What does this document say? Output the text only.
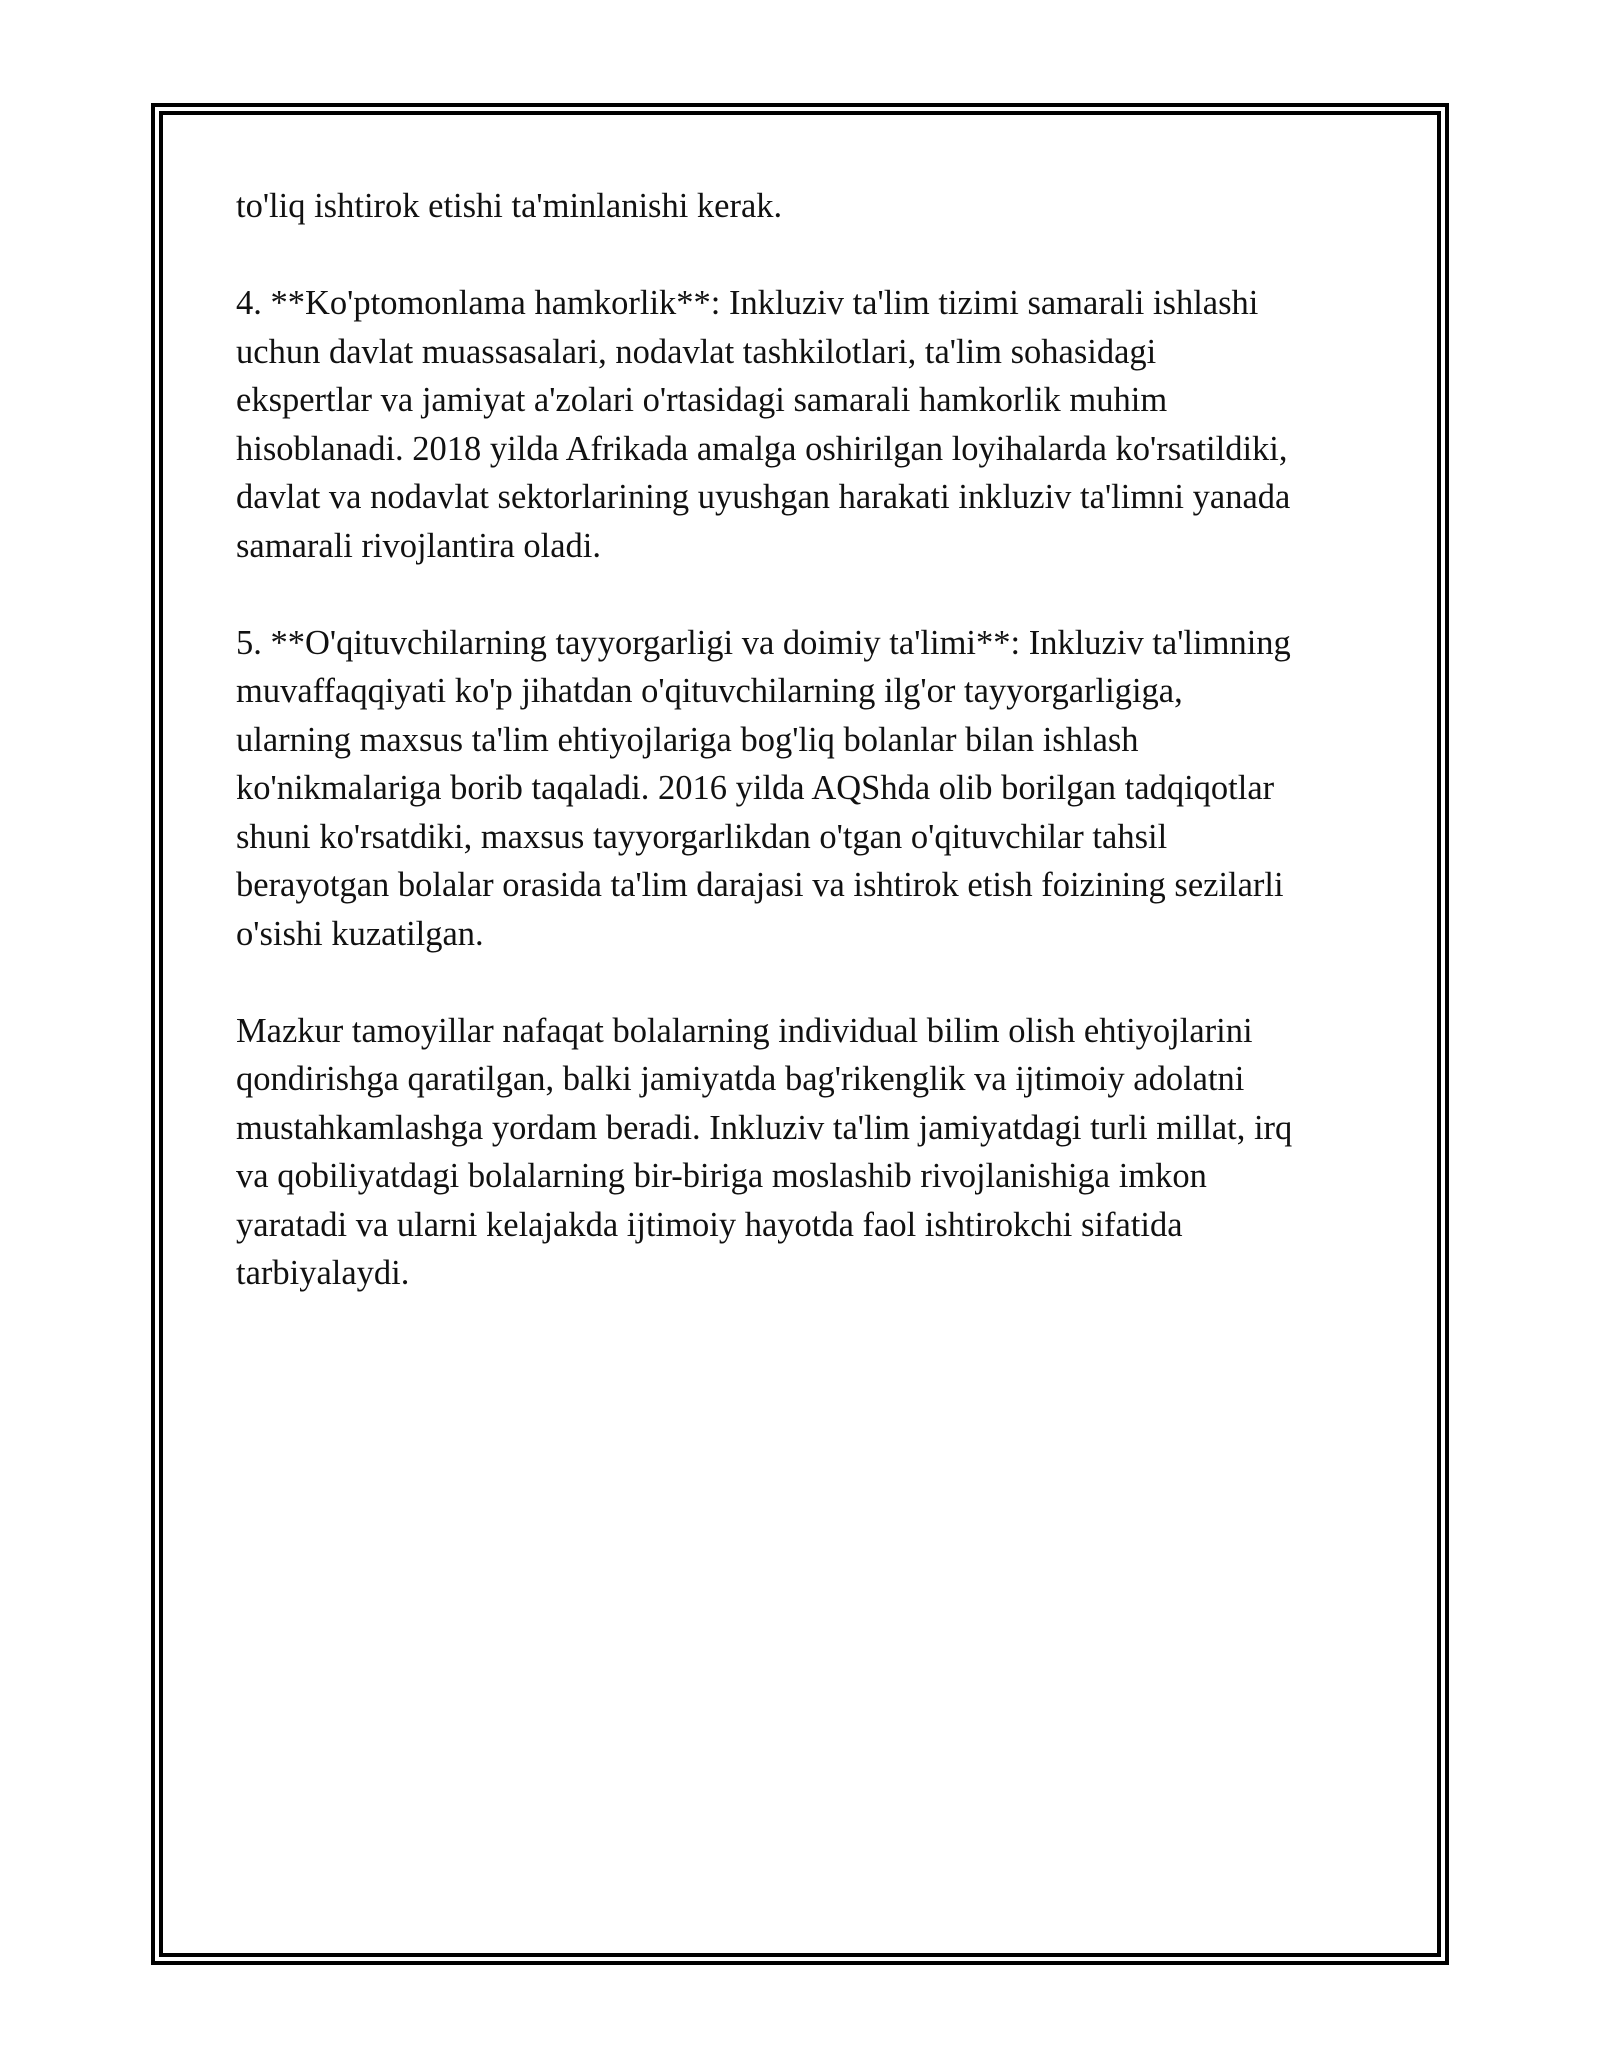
to'liq ishtirok etishi ta'minlanishi kerak.

4. **Ko'ptomonlama hamkorlik**: Inkluziv ta'lim tizimi samarali ishlashi
uchun davlat muassasalari, nodavlat tashkilotlari, ta'lim sohasidagi
ekspertlar va jamiyat a'zolari o'rtasidagi samarali hamkorlik muhim
hisoblanadi. 2018 yilda Afrikada amalga oshirilgan loyihalarda ko'rsatildiki,
davlat va nodavlat sektorlarining uyushgan harakati inkluziv ta'limni yanada
samarali rivojlantira oladi.

5. **O'qituvchilarning tayyorgarligi va doimiy ta'limi**: Inkluziv ta'limning
muvaffaqqiyati ko'p jihatdan o'qituvchilarning ilg'or tayyorgarligiga,
ularning maxsus ta'lim ehtiyojlariga bog'liq bolanlar bilan ishlash
ko'nikmalariga borib taqaladi. 2016 yilda AQShda olib borilgan tadqiqotlar
shuni ko'rsatdiki, maxsus tayyorgarlikdan o'tgan o'qituvchilar tahsil
berayotgan bolalar orasida ta'lim darajasi va ishtirok etish foizining sezilarli
o'sishi kuzatilgan.

Mazkur tamoyillar nafaqat bolalarning individual bilim olish ehtiyojlarini
qondirishga qaratilgan, balki jamiyatda bag'rikenglik va ijtimoiy adolatni
mustahkamlashga yordam beradi. Inkluziv ta'lim jamiyatdagi turli millat, irq
va qobiliyatdagi bolalarning bir-biriga moslashib rivojlanishiga imkon
yaratadi va ularni kelajakda ijtimoiy hayotda faol ishtirokchi sifatida
tarbiyalaydi.
